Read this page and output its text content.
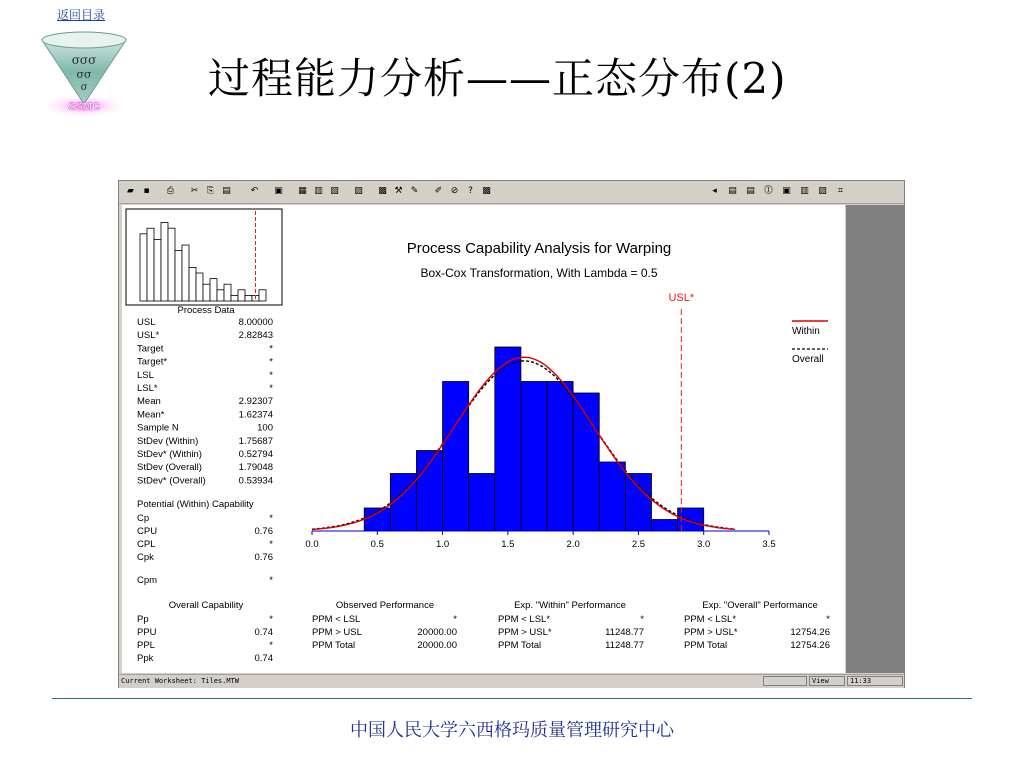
返回目录
σσσ
σσ
σ
SSMC
过程能力分析——正态分布(2)
▰	▪	⎙	✂ ⎘ ▤	↶	▣	▦ ▥ ▧	▨	▩ ⚒ ✎	✐ ⊘	?	▩	◂	▤	▤	⓵	▣	▥	▨	⌗
Process Capability Analysis for Warping
Box-Cox Transformation, With Lambda = 0.5
0.0	0.5	1.0	1.5	2.0	2.5	3.0	3.5
USL*
Within
Overall
Process Data
USL	8.00000
USL*	2.82843
Target	*
Target*	*
LSL	*
LSL*	*
Mean	2.92307
Mean*	1.62374
Sample N	100
StDev (Within)	1.75687
StDev* (Within)	0.52794
StDev (Overall)	1.79048
StDev* (Overall)	0.53934
Potential (Within) Capability
Cp	*
CPU	0.76
CPL	*
Cpk	0.76
Cpm	*
Overall Capability
Pp	*
PPU	0.74
PPL	*
Ppk	0.74
Observed Performance
PPM < LSL	*
PPM > USL	20000.00
PPM Total	20000.00
Exp. "Within" Performance
PPM < LSL*	*
PPM > USL*	11248.77
PPM Total	11248.77
Exp. "Overall" Performance
PPM < LSL*	*
PPM > USL*	12754.26
PPM Total	12754.26
Current Worksheet: Tiles.MTW	View	11:33
中国人民大学六西格玛质量管理研究中心
